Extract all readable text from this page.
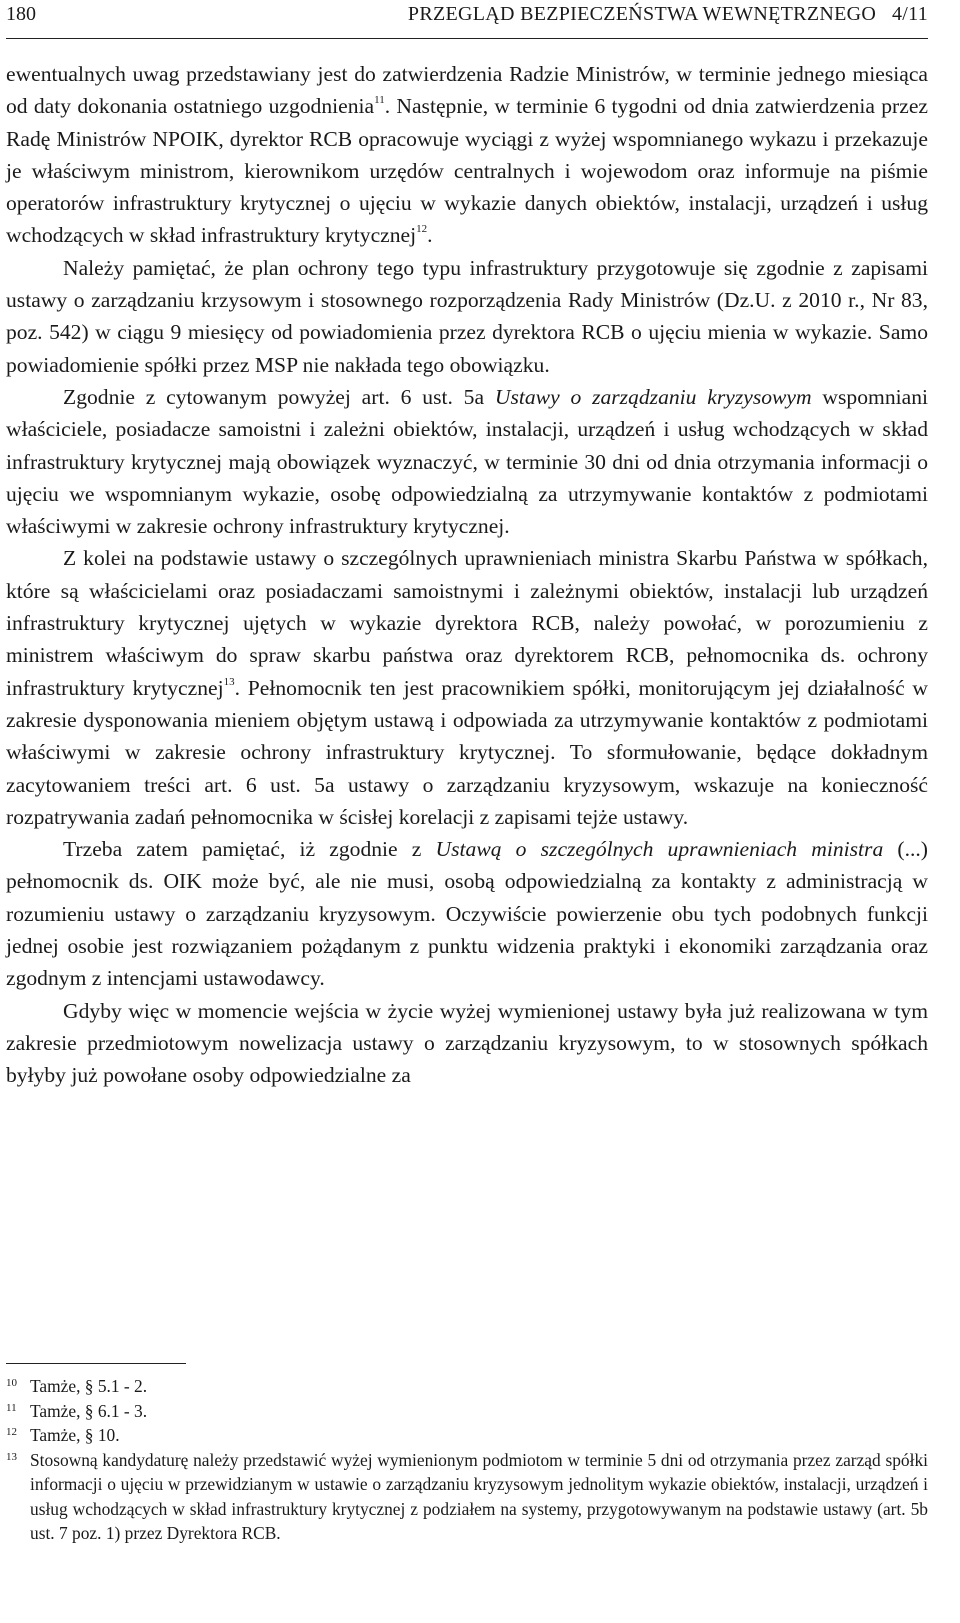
180	PRZEGLĄD BEZPIECZEŃSTWA WEWNĘTRZNEGO   4/11

ewentualnych uwag przedstawiany jest do zatwierdzenia Radzie Ministrów, w terminie jednego miesiąca od daty dokonania ostatniego uzgodnienia$^{11}$. Następnie, w terminie 6 tygodni od dnia zatwierdzenia przez Radę Ministrów NPOIK, dyrektor RCB opracowuje wyciągi z wyżej wspomnianego wykazu i przekazuje je właściwym ministrom, kierownikom urzędów centralnych i wojewodom oraz informuje na piśmie operatorów infrastruktury krytycznej o ujęciu w wykazie danych obiektów, instalacji, urządzeń i usług wchodzących w skład infrastruktury krytycznej$^{12}$.

Należy pamiętać, że plan ochrony tego typu infrastruktury przygotowuje się zgodnie z zapisami ustawy o zarządzaniu krzysowym i stosownego rozporządzenia Rady Ministrów (Dz.U. z 2010 r., Nr 83, poz. 542) w ciągu 9 miesięcy od powiadomienia przez dyrektora RCB o ujęciu mienia w wykazie. Samo powiadomienie spółki przez MSP nie nakłada tego obowiązku.

Zgodnie z cytowanym powyżej art. 6 ust. 5a Ustawy o zarządzaniu kryzysowym wspomniani właściciele, posiadacze samoistni i zależni obiektów, instalacji, urządzeń i usług wchodzących w skład infrastruktury krytycznej mają obowiązek wyznaczyć, w terminie 30 dni od dnia otrzymania informacji o ujęciu we wspomnianym wykazie, osobę odpowiedzialną za utrzymywanie kontaktów z podmiotami właściwymi w zakresie ochrony infrastruktury krytycznej.

Z kolei na podstawie ustawy o szczególnych uprawnieniach ministra Skarbu Państwa w spółkach, które są właścicielami oraz posiadaczami samoistnymi i zależnymi obiektów, instalacji lub urządzeń infrastruktury krytycznej ujętych w wykazie dyrektora RCB, należy powołać, w porozumieniu z ministrem właściwym do spraw skarbu państwa oraz dyrektorem RCB, pełnomocnika ds. ochrony infrastruktury krytycznej$^{13}$. Pełnomocnik ten jest pracownikiem spółki, monitorującym jej działalność w zakresie dysponowania mieniem objętym ustawą i odpowiada za utrzymywanie kontaktów z podmiotami właściwymi w zakresie ochrony infrastruktury krytycznej. To sformułowanie, będące dokładnym zacytowaniem treści art. 6 ust. 5a ustawy o zarządzaniu kryzysowym, wskazuje na konieczność rozpatrywania zadań pełnomocnika w ścisłej korelacji z zapisami tejże ustawy.

Trzeba zatem pamiętać, iż zgodnie z Ustawą o szczególnych uprawnieniach ministra (...) pełnomocnik ds. OIK może być, ale nie musi, osobą odpowiedzialną za kontakty z administracją w rozumieniu ustawy o zarządzaniu kryzysowym. Oczywiście powierzenie obu tych podobnych funkcji jednej osobie jest rozwiązaniem pożądanym z punktu widzenia praktyki i ekonomiki zarządzania oraz zgodnym z intencjami ustawodawcy.

Gdyby więc w momencie wejścia w życie wyżej wymienionej ustawy była już realizowana w tym zakresie przedmiotowym nowelizacja ustawy o zarządzaniu kryzysowym, to w stosownych spółkach byłyby już powołane osoby odpowiedzialne za

10 Tamże, § 5.1 - 2.
11 Tamże, § 6.1 - 3.
12 Tamże, § 10.
13 Stosowną kandydaturę należy przedstawić wyżej wymienionym podmiotom w terminie 5 dni od otrzymania przez zarząd spółki informacji o ujęciu w przewidzianym w ustawie o zarządzaniu kryzysowym jednolitym wykazie obiektów, instalacji, urządzeń i usług wchodzących w skład infrastruktury krytycznej z podziałem na systemy, przygotowywanym na podstawie ustawy (art. 5b ust. 7 poz. 1) przez Dyrektora RCB.
